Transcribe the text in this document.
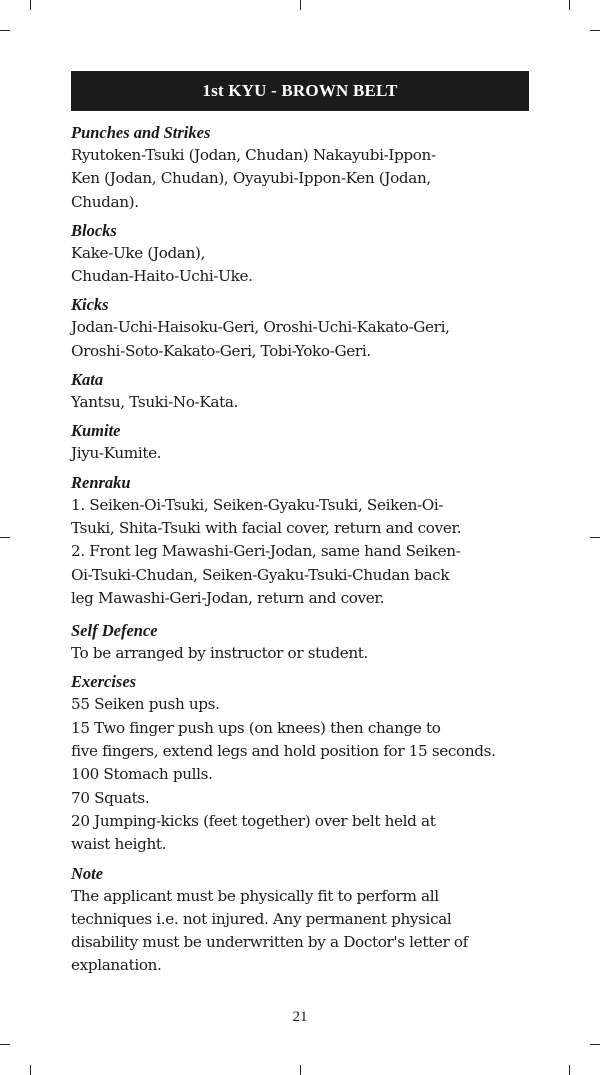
1st KYU - BROWN BELT

Punches and Strikes

Ryutoken-Tsuki (Jodan, Chudan) Nakayubi-Ippon-
Ken (Jodan, Chudan), Oyayubi-Ippon-Ken (Jodan,
Chudan).

Blocks

Kake-Uke (Jodan),
Chudan-Haito-Uchi-Uke.

Kicks

Jodan-Uchi-Haisoku-Geri, Oroshi-Uchi-Kakato-Geri,
Oroshi-Soto-Kakato-Geri, Tobi-Yoko-Geri.

Kata

Yantsu, Tsuki-No-Kata.

Kumite

Jiyu-Kumite.

Renraku

1. Seiken-Oi-Tsuki, Seiken-Gyaku-Tsuki, Seiken-Oi-
Tsuki, Shita-Tsuki with facial cover, return and cover.
2. Front leg Mawashi-Geri-Jodan, same hand Seiken-
Oi-Tsuki-Chudan, Seiken-Gyaku-Tsuki-Chudan back
leg Mawashi-Geri-Jodan, return and cover.

Self Defence

To be arranged by instructor or student.

Exercises

55 Seiken push ups.
15 Two finger push ups (on knees) then change to
five fingers, extend legs and hold position for 15 seconds.
100 Stomach pulls.
70 Squats.
20 Jumping-kicks (feet together) over belt held at
waist height.

Note

The applicant must be physically fit to perform all
techniques i.e. not injured. Any permanent physical
disability must be underwritten by a Doctor's letter of
explanation.

21
